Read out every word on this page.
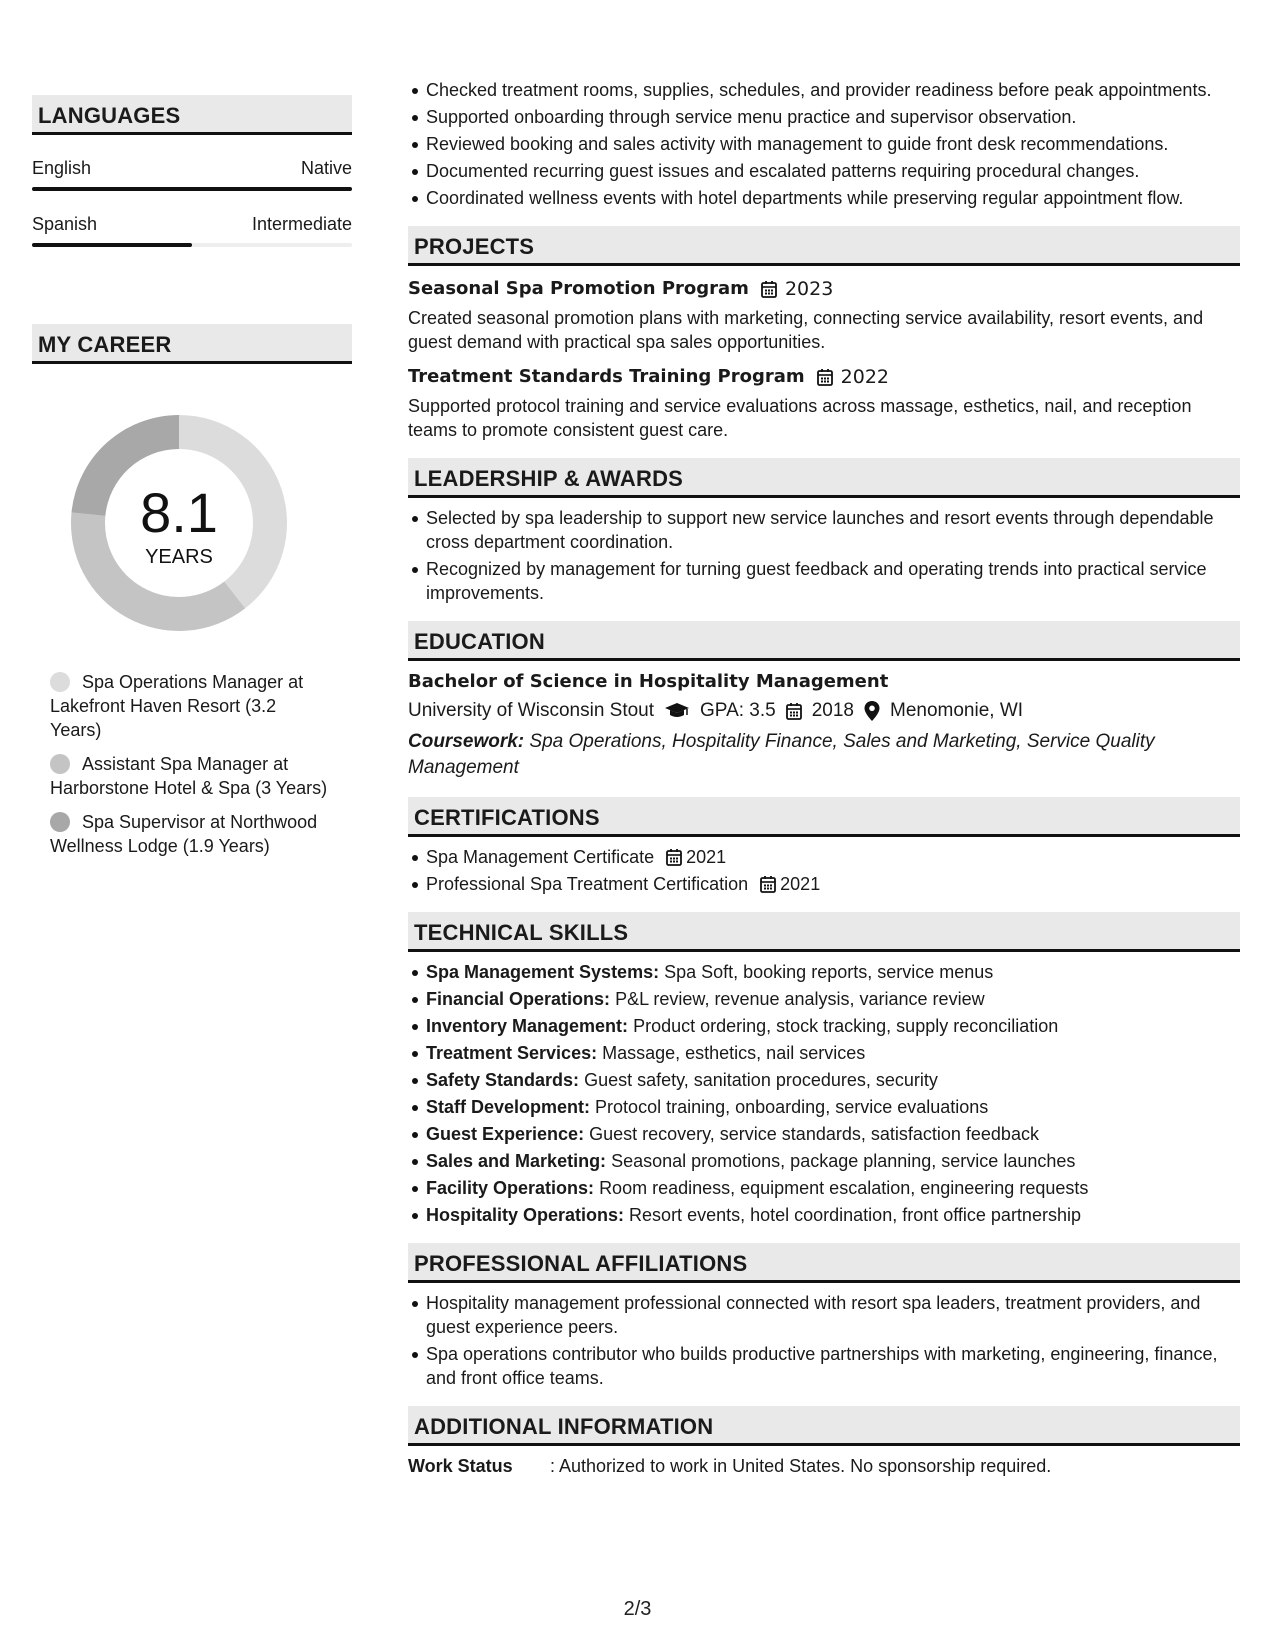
LANGUAGES
English	Native
Spanish	Intermediate
MY CAREER
8.1
YEARS
Spa Operations Manager at Lakefront Haven Resort (3.2 Years)
Assistant Spa Manager at Harborstone Hotel & Spa (3 Years)
Spa Supervisor at Northwood Wellness Lodge (1.9 Years)
Checked treatment rooms, supplies, schedules, and provider readiness before peak appointments.
Supported onboarding through service menu practice and supervisor observation.
Reviewed booking and sales activity with management to guide front desk recommendations.
Documented recurring guest issues and escalated patterns requiring procedural changes.
Coordinated wellness events with hotel departments while preserving regular appointment flow.
PROJECTS
Seasonal Spa Promotion Program 2023
Created seasonal promotion plans with marketing, connecting service availability, resort events, and guest demand with practical spa sales opportunities.
Treatment Standards Training Program 2022
Supported protocol training and service evaluations across massage, esthetics, nail, and reception teams to promote consistent guest care.
LEADERSHIP & AWARDS
Selected by spa leadership to support new service launches and resort events through dependable cross department coordination.
Recognized by management for turning guest feedback and operating trends into practical service improvements.
EDUCATION
Bachelor of Science in Hospitality Management
University of Wisconsin Stout GPA: 3.5 2018 Menomonie, WI
Coursework: Spa Operations, Hospitality Finance, Sales and Marketing, Service Quality Management
CERTIFICATIONS
Spa Management Certificate 2021
Professional Spa Treatment Certification 2021
TECHNICAL SKILLS
Spa Management Systems: Spa Soft, booking reports, service menus
Financial Operations: P&L review, revenue analysis, variance review
Inventory Management: Product ordering, stock tracking, supply reconciliation
Treatment Services: Massage, esthetics, nail services
Safety Standards: Guest safety, sanitation procedures, security
Staff Development: Protocol training, onboarding, service evaluations
Guest Experience: Guest recovery, service standards, satisfaction feedback
Sales and Marketing: Seasonal promotions, package planning, service launches
Facility Operations: Room readiness, equipment escalation, engineering requests
Hospitality Operations: Resort events, hotel coordination, front office partnership
PROFESSIONAL AFFILIATIONS
Hospitality management professional connected with resort spa leaders, treatment providers, and guest experience peers.
Spa operations contributor who builds productive partnerships with marketing, engineering, finance, and front office teams.
ADDITIONAL INFORMATION
Work Status	: Authorized to work in United States. No sponsorship required.
2/3
